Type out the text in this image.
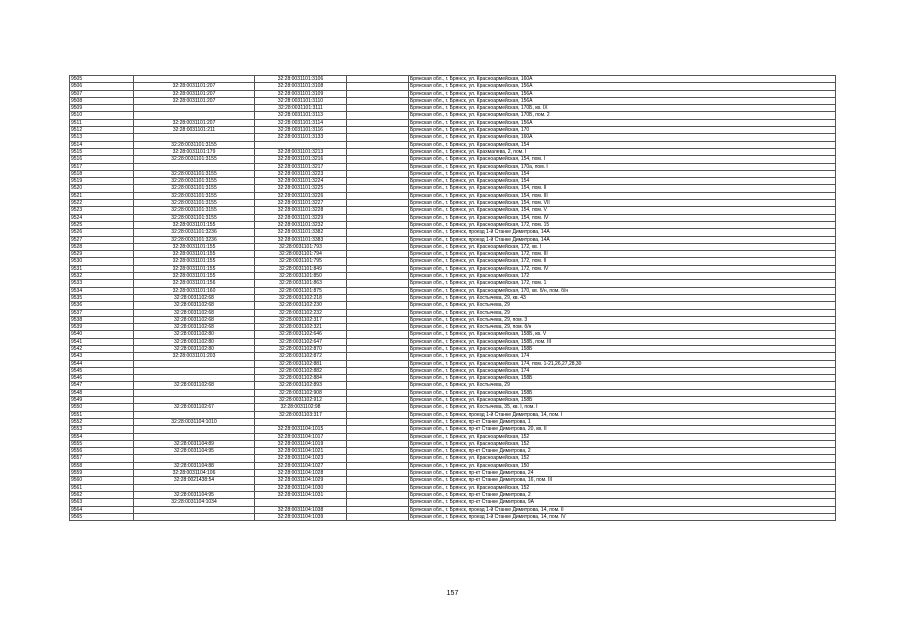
9505		32:28:0031101:3106		Брянская обл., г. Брянск, ул. Красноармейская, 160А
9506	32:28:0031101:207	32:28:0031101:3108		Брянская обл., г. Брянск, ул. Красноармейская, 156А
9507	32:28:0031101:207	32:28:0031101:3109		Брянская обл., г. Брянск, ул. Красноармейская, 156А
9508	32:28:0031101:207	32:28:0031101:3110		Брянская обл., г. Брянск, ул. Красноармейская, 156А
9509		32:28:0031101:3111		Брянская обл., г. Брянск, ул. Красноармейская, 170Б, кв. IX
9510		32:28:0031101:3113		Брянская обл., г. Брянск, ул. Красноармейская, 170Б, пом. 2
9511	32:28:0031101:207	32:28:0031101:3114		Брянская обл., г. Брянск, ул. Красноармейская, 156А
9512	32:28:0031101:211	32:28:0031101:3116		Брянская обл., г. Брянск, ул. Красноармейская, 170
9513		32:28:0031101:3133		Брянская обл., г. Брянск, ул. Красноармейская, 160А
9514	32:28:0031101:3155			Брянская обл., г. Брянск, ул. Красноармейская, 154
9515	32:28:0031101:179	32:28:0031101:3213		Брянская обл., г. Брянск, ул. Крахмалева, 2, пом. I
9516	32:28:0031101:3155	32:28:0031101:3216		Брянская обл., г. Брянск, ул. Красноармейская, 154, пом. I
9517		32:28:0031101:3217		Брянская обл., г. Брянск, ул. Красноармейская, 170а, пом. I
9518	32:28:0031101:3155	32:28:0031101:3223		Брянская обл., г. Брянск, ул. Красноармейская, 154
9519	32:28:0031101:3155	32:28:0031101:3224		Брянская обл., г. Брянск, ул. Красноармейская, 154
9520	32:28:0031101:3155	32:28:0031101:3225		Брянская обл., г. Брянск, ул. Красноармейская, 154, пом. II
9521	32:28:0031101:3155	32:28:0031101:3226		Брянская обл., г. Брянск, ул. Красноармейская, 154, пом. III
9522	32:28:0031101:3155	32:28:0031101:3227		Брянская обл., г. Брянск, ул. Красноармейская, 154, пом. VII
9523	32:28:0031101:3155	32:28:0031101:3228		Брянская обл., г. Брянск, ул. Красноармейская, 154, пом. V
9524	32:28:0031101:3155	32:28:0031101:3229		Брянская обл., г. Брянск, ул. Красноармейская, 154, пом. IV
9525	32:28:0031101:155	32:28:0031101:3232		Брянская обл., г. Брянск, ул. Красноармейская, 172, пом. 15
9526	32:28:0031101:3236	32:28:0031101:3382		Брянская обл., г. Брянск, проезд 1-й Станке Димитрова, 14А
9527	32:28:0031101:3236	32:28:0031101:3383		Брянская обл., г. Брянск, проезд 1-й Станке Димитрова, 14А
9528	32:28:0031101:155	32:28:0031101:793		Брянская обл., г. Брянск, ул. Красноармейская, 172, кв. I
9529	32:28:0031101:155	32:28:0031101:794		Брянская обл., г. Брянск, ул. Красноармейская, 172, пом. III
9530	32:28:0031101:155	32:28:0031101:795		Брянская обл., г. Брянск, ул. Красноармейская, 172, пом. II
9531	32:28:0031101:155	32:28:0031101:849		Брянская обл., г. Брянск, ул. Красноармейская, 172, пом. IV
9532	32:28:0031101:155	32:28:0031101:850		Брянская обл., г. Брянск, ул. Красноармейская, 172
9533	32:28:0031101:156	32:28:0031101:863		Брянская обл., г. Брянск, ул. Красноармейская, 172, пом. 1
9534	32:28:0031101:160	32:28:0031101:875		Брянская обл., г. Брянск, ул. Красноармейская, 170, кв. б/н, пом. б/н
9535	32:28:0031102:68	32:28:0031102:218		Брянская обл., г. Брянск, ул. Костычева, 29, кв. 43
9536	32:28:0031102:68	32:28:0031102:230		Брянская обл., г. Брянск, ул. Костычева, 29
9537	32:28:0031102:68	32:28:0031102:232		Брянская обл., г. Брянск, ул. Костычева, 29
9538	32:28:0031102:68	32:28:0031102:317		Брянская обл., г. Брянск, ул. Костычева, 29, пом. 3
9539	32:28:0031102:68	32:28:0031102:321		Брянская обл., г. Брянск, ул. Костычева, 29, пом. б/н
9540	32:28:0031102:80	32:28:0031102:646		Брянская обл., г. Брянск, ул. Красноармейская, 158Б, кв. V
9541	32:28:0031102:80	32:28:0031102:647		Брянская обл., г. Брянск, ул. Красноармейская, 158Б, пом. III
9542	32:28:0031102:80	32:28:0031102:870		Брянская обл., г. Брянск, ул. Красноармейская, 158Б
9543	32:28:0031101:203	32:28:0031102:872		Брянская обл., г. Брянск, ул. Красноармейская, 174
9544		32:28:0031102:881		Брянская обл., г. Брянск, ул. Красноармейская, 174, пом. 1-21,26,27,28,30
9545		32:28:0031102:882		Брянская обл., г. Брянск, ул. Красноармейская, 174
9546		32:28:0031102:884		Брянская обл., г. Брянск, ул. Красноармейская, 158Б
9547	32:28:0031102:68	32:28:0031102:893		Брянская обл., г. Брянск, ул. Костычева, 29
9548		32:28:0031102:908		Брянская обл., г. Брянск, ул. Красноармейская, 158Б
9549		32:28:0031102:912		Брянская обл., г. Брянск, ул. Красноармейская, 158Б
9550	32:28:0031102:67	32:28:0031102:98		Брянская обл., г. Брянск, ул. Костычева, 35, кв. I, пом. I
9551		32:28:0031103:317		Брянская обл., г. Брянск, проезд 1-й Станке Димитрова, 14, пом. I
9552	32:28:0031104:1010			Брянская обл., г. Брянск, пр-кт Станке Димитрова, 1
9553		32:28:0031104:1015		Брянская обл., г. Брянск, пр-кт Станке Димитрова, 20, кв. II
9554		32:28:0031104:1017		Брянская обл., г. Брянск, ул. Красноармейская, 152
9555	32:28:0031104:89	32:28:0031104:1019		Брянская обл., г. Брянск, ул. Красноармейская, 152
9556	32:28:0031104:95	32:28:0031104:1021		Брянская обл., г. Брянск, пр-кт Станке Димитрова, 2
9557		32:28:0031104:1023		Брянская обл., г. Брянск, ул. Красноармейская, 152
9558	32:28:0031104:88	32:28:0031104:1027		Брянская обл., г. Брянск, ул. Красноармейская, 150
9559	32:28:0031104:106	32:28:0031104:1028		Брянская обл., г. Брянск, пр-кт Станке Димитрова, 24
9560	32:28:0021438:54	32:28:0031104:1029		Брянская обл., г. Брянск, пр-кт Станке Димитрова, 16, пом. III
9561		32:28:0031104:1030		Брянская обл., г. Брянск, ул. Красноармейская, 152
9562	32:28:0031104:95	32:28:0031104:1031		Брянская обл., г. Брянск, пр-кт Станке Димитрова, 2
9563	32:28:0031104:1034			Брянская обл., г. Брянск, пр-кт Станке Димитрова, 9А
9564		32:28:0031104:1038		Брянская обл., г. Брянск, проезд 1-й Станке Димитрова, 14, пом. II
9565		32:28:0031104:1039		Брянская обл., г. Брянск, проезд 1-й Станке Димитрова, 14, пом. IV
157
